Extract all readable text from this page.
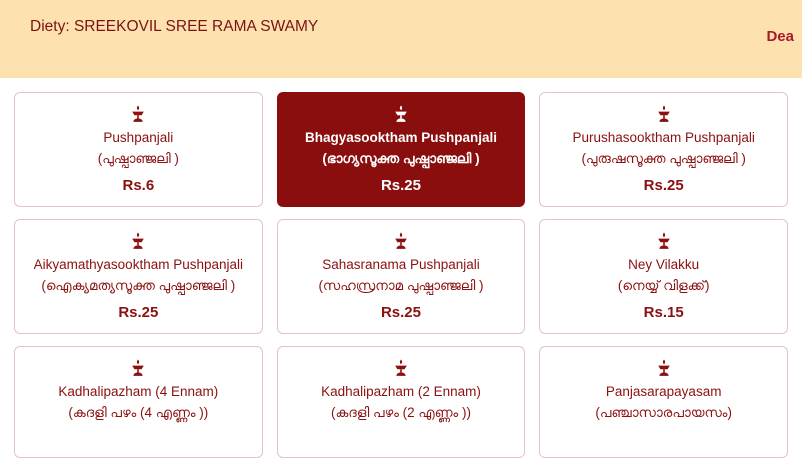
Diety: SREEKOVIL SREE RAMA SWAMY
Dea
Pushpanjali
(പുഷ്പാഞ്ജലി )
Rs.6
Bhagyasooktham Pushpanjali
(ഭാഗ്യസൂക്ത പുഷ്പാഞ്ജലി )
Rs.25
Purushasooktham Pushpanjali
(പുരുഷസൂക്ത പുഷ്പാഞ്ജലി )
Rs.25
Aikyamathyasooktham Pushpanjali
(ഐക്യമത്യസൂക്ത പുഷ്പാഞ്ജലി )
Rs.25
Sahasranama Pushpanjali
(സഹസ്രനാമ പുഷ്പാഞ്ജലി )
Rs.25
Ney Vilakku
(നെയ്യ് വിളക്ക്)
Rs.15
Kadhalipazham (4 Ennam)
(കദളി പഴം (4 എണ്ണം ))
Kadhalipazham (2 Ennam)
(കദളി പഴം (2 എണ്ണം ))
Panjasarapayasam
(പഞ്ചാസാരപായസം)
